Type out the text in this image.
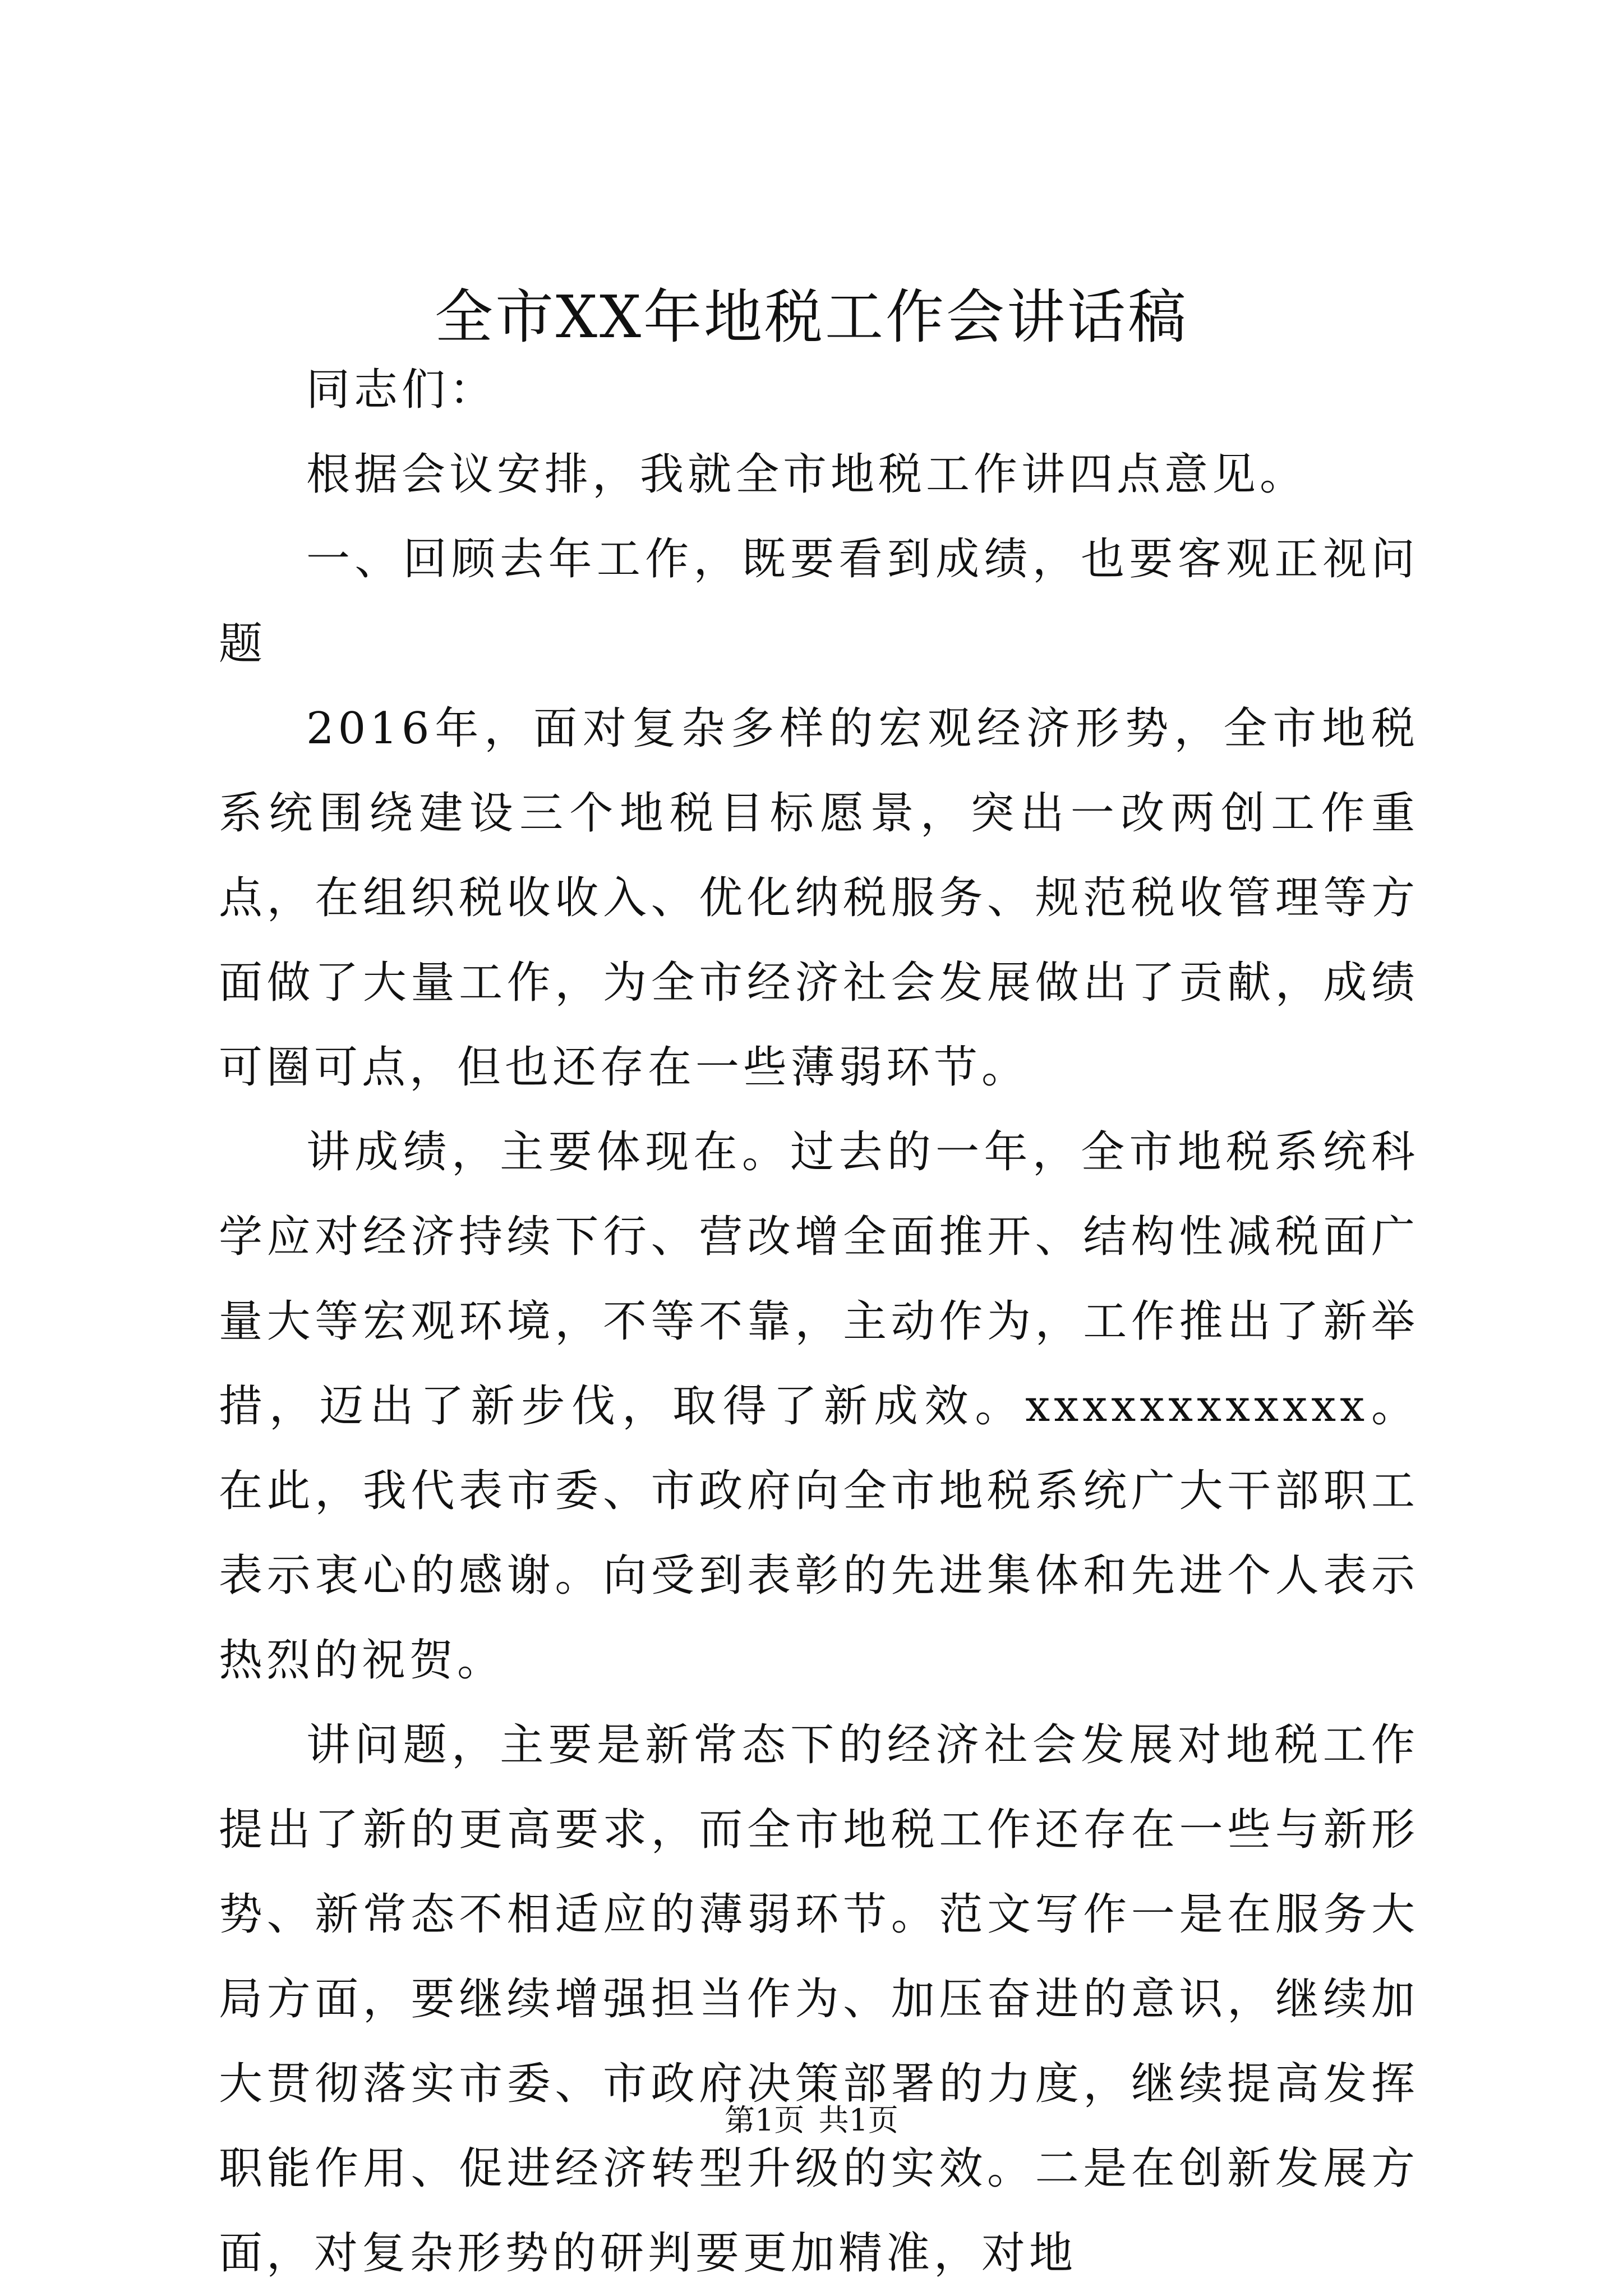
全市XX年地税工作会讲话稿

同志们：

根据会议安排，我就全市地税工作讲四点意见。

一、回顾去年工作，既要看到成绩，也要客观正视问题

2016年，面对复杂多样的宏观经济形势，全市地税系统围绕建设三个地税目标愿景，突出一改两创工作重点，在组织税收收入、优化纳税服务、规范税收管理等方面做了大量工作，为全市经济社会发展做出了贡献，成绩可圈可点，但也还存在一些薄弱环节。

讲成绩，主要体现在。过去的一年，全市地税系统科学应对经济持续下行、营改增全面推开、结构性减税面广量大等宏观环境，不等不靠，主动作为，工作推出了新举措，迈出了新步伐，取得了新成效。xxxxxxxxxxxx。在此，我代表市委、市政府向全市地税系统广大干部职工表示衷心的感谢。向受到表彰的先进集体和先进个人表示热烈的祝贺。

讲问题，主要是新常态下的经济社会发展对地税工作提出了新的更高要求，而全市地税工作还存在一些与新形势、新常态不相适应的薄弱环节。范文写作一是在服务大局方面，要继续增强担当作为、加压奋进的意识，继续加大贯彻落实市委、市政府决策部署的力度，继续提高发挥职能作用、促进经济转型升级的实效。二是在创新发展方面，对复杂形势的研判要更加精准，对地

第1页 共1页
